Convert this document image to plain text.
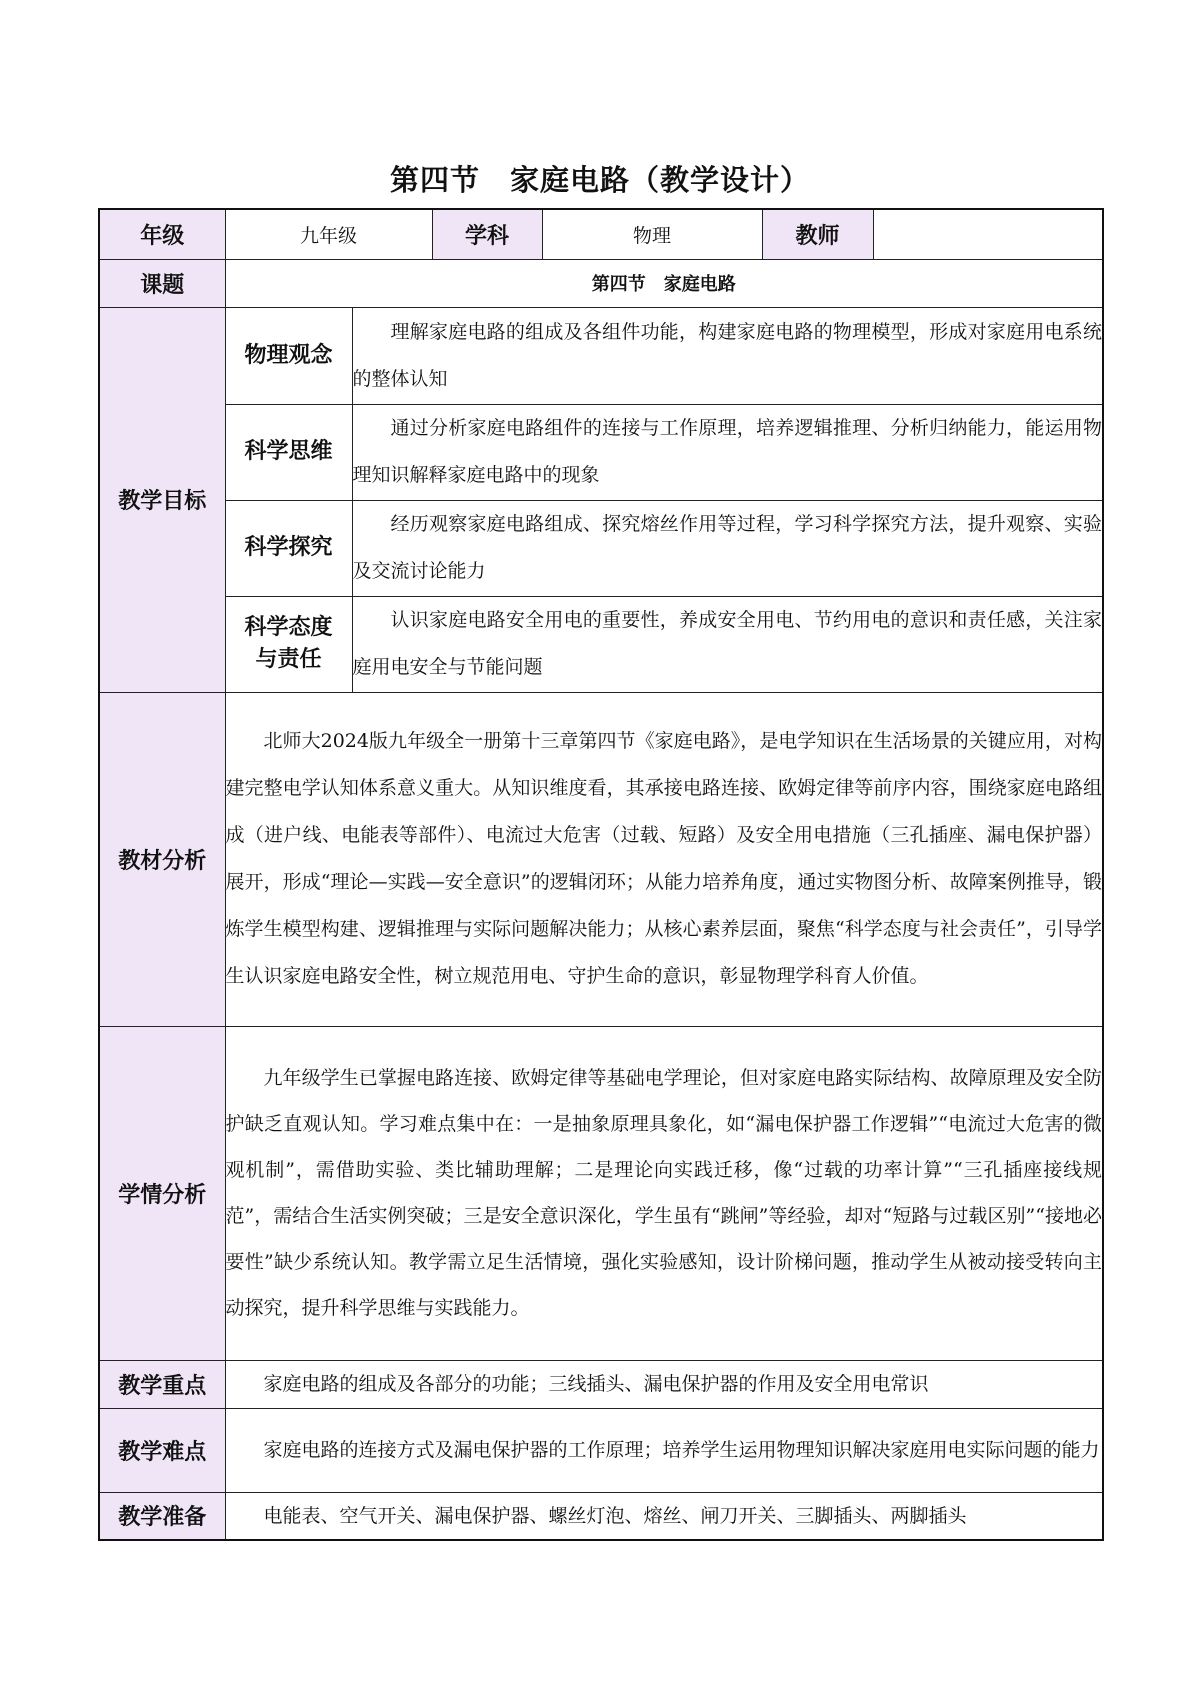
第四节　家庭电路（教学设计）
年级	九年级		学科	物理	教师	
课题	第四节　家庭电路					
教学目标	物理观念	理解家庭电路的组成及各组件功能，构建家庭电路的物理模型，形成对家庭用电系统的整体认知				
	科学思维	通过分析家庭电路组件的连接与工作原理，培养逻辑推理、分析归纳能力，能运用物理知识解释家庭电路中的现象				
	科学探究	经历观察家庭电路组成、探究熔丝作用等过程，学习科学探究方法，提升观察、实验及交流讨论能力				

	科学态度
与责任	认识家庭电路安全用电的重要性，养成安全用电、节约用电的意识和责任感，关注家庭用电安全与节能问题				
教材分析	北师大2024版九年级全一册第十三章第四节《家庭电路》，是电学知识在生活场景的关键应用，对构建完整电学认知体系意义重大。从知识维度看，其承接电路连接、欧姆定律等前序内容，围绕家庭电路组成（进户线、电能表等部件）、电流过大危害（过载、短路）及安全用电措施（三孔插座、漏电保护器）展开，形成“理论—实践—安全意识”的逻辑闭环；从能力培养角度，通过实物图分析、故障案例推导，锻炼学生模型构建、逻辑推理与实际问题解决能力；从核心素养层面，聚焦“科学态度与社会责任”，引导学生认识家庭电路安全性，树立规范用电、守护生命的意识，彰显物理学科育人价值。					
学情分析	九年级学生已掌握电路连接、欧姆定律等基础电学理论，但对家庭电路实际结构、故障原理及安全防护缺乏直观认知。学习难点集中在：一是抽象原理具象化，如“漏电保护器工作逻辑”“电流过大危害的微观机制”，需借助实验、类比辅助理解；二是理论向实践迁移，像“过载的功率计算”“三孔插座接线规范”，需结合生活实例突破；三是安全意识深化，学生虽有“跳闸”等经验，却对“短路与过载区别”“接地必要性”缺少系统认知。教学需立足生活情境，强化实验感知，设计阶梯问题，推动学生从被动接受转向主动探究，提升科学思维与实践能力。					
教学重点	家庭电路的组成及各部分的功能；三线插头、漏电保护器的作用及安全用电常识					
教学难点	家庭电路的连接方式及漏电保护器的工作原理；培养学生运用物理知识解决家庭用电实际问题的能力					
教学准备	电能表、空气开关、漏电保护器、螺丝灯泡、熔丝、闸刀开关、三脚插头、两脚插头					
